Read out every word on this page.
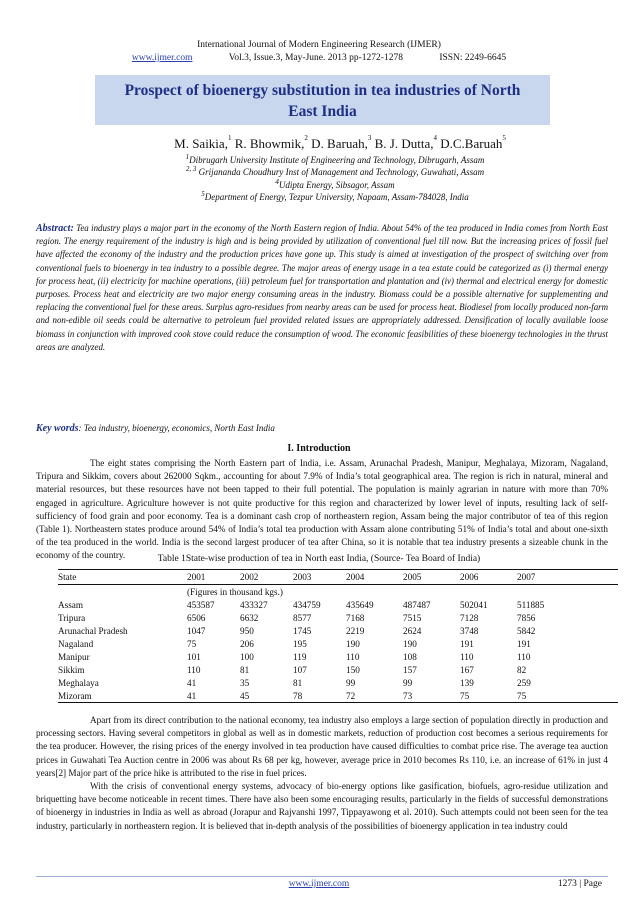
International Journal of Modern Engineering Research (IJMER)
www.ijmer.com	Vol.3, Issue.3, May-June. 2013 pp-1272-1278	ISSN: 2249-6645
Prospect of bioenergy substitution in tea industries of North
East India
M. Saikia,$^1$ R. Bhowmik,$^2$ D. Baruah,$^3$ B. J. Dutta,$^4$ D.C.Baruah$^5$
$^1$Dibrugarh University Institute of Engineering and Technology, Dibrugarh, Assam
$^{2, 3}$ Grijananda Choudhury Inst of Management and Technology, Guwahati, Assam
$^4$Udipta Energy, Sibsagor, Assam
$^5$Department of Energy, Tezpur University, Napaam, Assam-784028, India
Abstract: Tea industry plays a major part in the economy of the North Eastern region of India. About 54% of the tea produced in India comes from North East region. The energy requirement of the industry is high and is being provided by utilization of conventional fuel till now. But the increasing prices of fossil fuel have affected the economy of the industry and the production prices have gone up. This study is aimed at investigation of the prospect of switching over from conventional fuels to bioenergy in tea industry to a possible degree. The major areas of energy usage in a tea estate could be categorized as (i) thermal energy for process heat, (ii) electricity for machine operations, (iii) petroleum fuel for transportation and plantation and (iv) thermal and electrical energy for domestic purposes. Process heat and electricity are two major energy consuming areas in the industry. Biomass could be a possible alternative for supplementing and replacing the conventional fuel for these areas. Surplus agro-residues from nearby areas can be used for process heat. Biodiesel from locally produced non-farm and non-edible oil seeds could be alternative to petroleum fuel provided related issues are appropriately addressed. Densification of locally available loose biomass in conjunction with improved cook stove could reduce the consumption of wood. The economic feasibilities of these bioenergy technologies in the thrust areas are analyzed.
Key words: Tea industry, bioenergy, economics, North East India
I. Introduction

The eight states comprising the North Eastern part of India, i.e. Assam, Arunachal Pradesh, Manipur, Meghalaya, Mizoram, Nagaland, Tripura and Sikkim, covers about 262000 Sqkm., accounting for about 7.9% of India’s total geographical area. The region is rich in natural, mineral and material resources, but these resources have not been tapped to their full potential. The population is mainly agrarian in nature with more than 70% engaged in agriculture. Agriculture however is not quite productive for this region and characterized by lower level of inputs, resulting lack of self-sufficiency of food grain and poor economy. Tea is a dominant cash crop of northeastern region, Assam being the major contributor of tea of this region (Table 1). Northeastern states produce around 54% of India’s total tea production with Assam alone contributing 51% of India’s total and about one-sixth of the tea produced in the world. India is the second largest producer of tea after China, so it is notable that tea industry presents a sizeable chunk in the economy of the country.	Table 1State-wise production of tea in North east India, (Source- Tea Board of India)
State	2001	2002	2003	2004	2005	2006	2007
	(Figures in thousand kgs.)						
Assam	453587	433327	434759	435649	487487	502041	511885
Tripura	6506	6632	8577	7168	7515	7128	7856
Arunachal Pradesh	1047	950	1745	2219	2624	3748	5842
Nagaland	75	206	195	190	190	191	191
Manipur	101	100	119	110	108	110	110
Sikkim	110	81	107	150	157	167	82
Meghalaya	41	35	81	99	99	139	259
Mizoram	41	45	78	72	73	75	75

Apart from its direct contribution to the national economy, tea industry also employs a large section of population directly in production and processing sectors. Having several competitors in global as well as in domestic markets, reduction of production cost becomes a serious requirements for the tea producer. However, the rising prices of the energy involved in tea production have caused difficulties to combat price rise. The average tea auction prices in Guwahati Tea Auction centre in 2006 was about Rs 68 per kg, however, average price in 2010 becomes Rs 110, i.e. an increase of 61% in just 4 years[2] Major part of the price hike is attributed to the rise in fuel prices.

With the crisis of conventional energy systems, advocacy of bio-energy options like gasification, biofuels, agro-residue utilization and briquetting have become noticeable in recent times. There have also been some encouraging results, particularly in the fields of successful demonstrations of bioenergy in industries in India as well as abroad (Jorapur and Rajvanshi 1997, Tippayawong et al. 2010). Such attempts could not been seen for the tea industry, particularly in northeastern region. It is believed that in-depth analysis of the possibilities of bioenergy application in tea industry could

www.ijmer.com	1273 | Page
